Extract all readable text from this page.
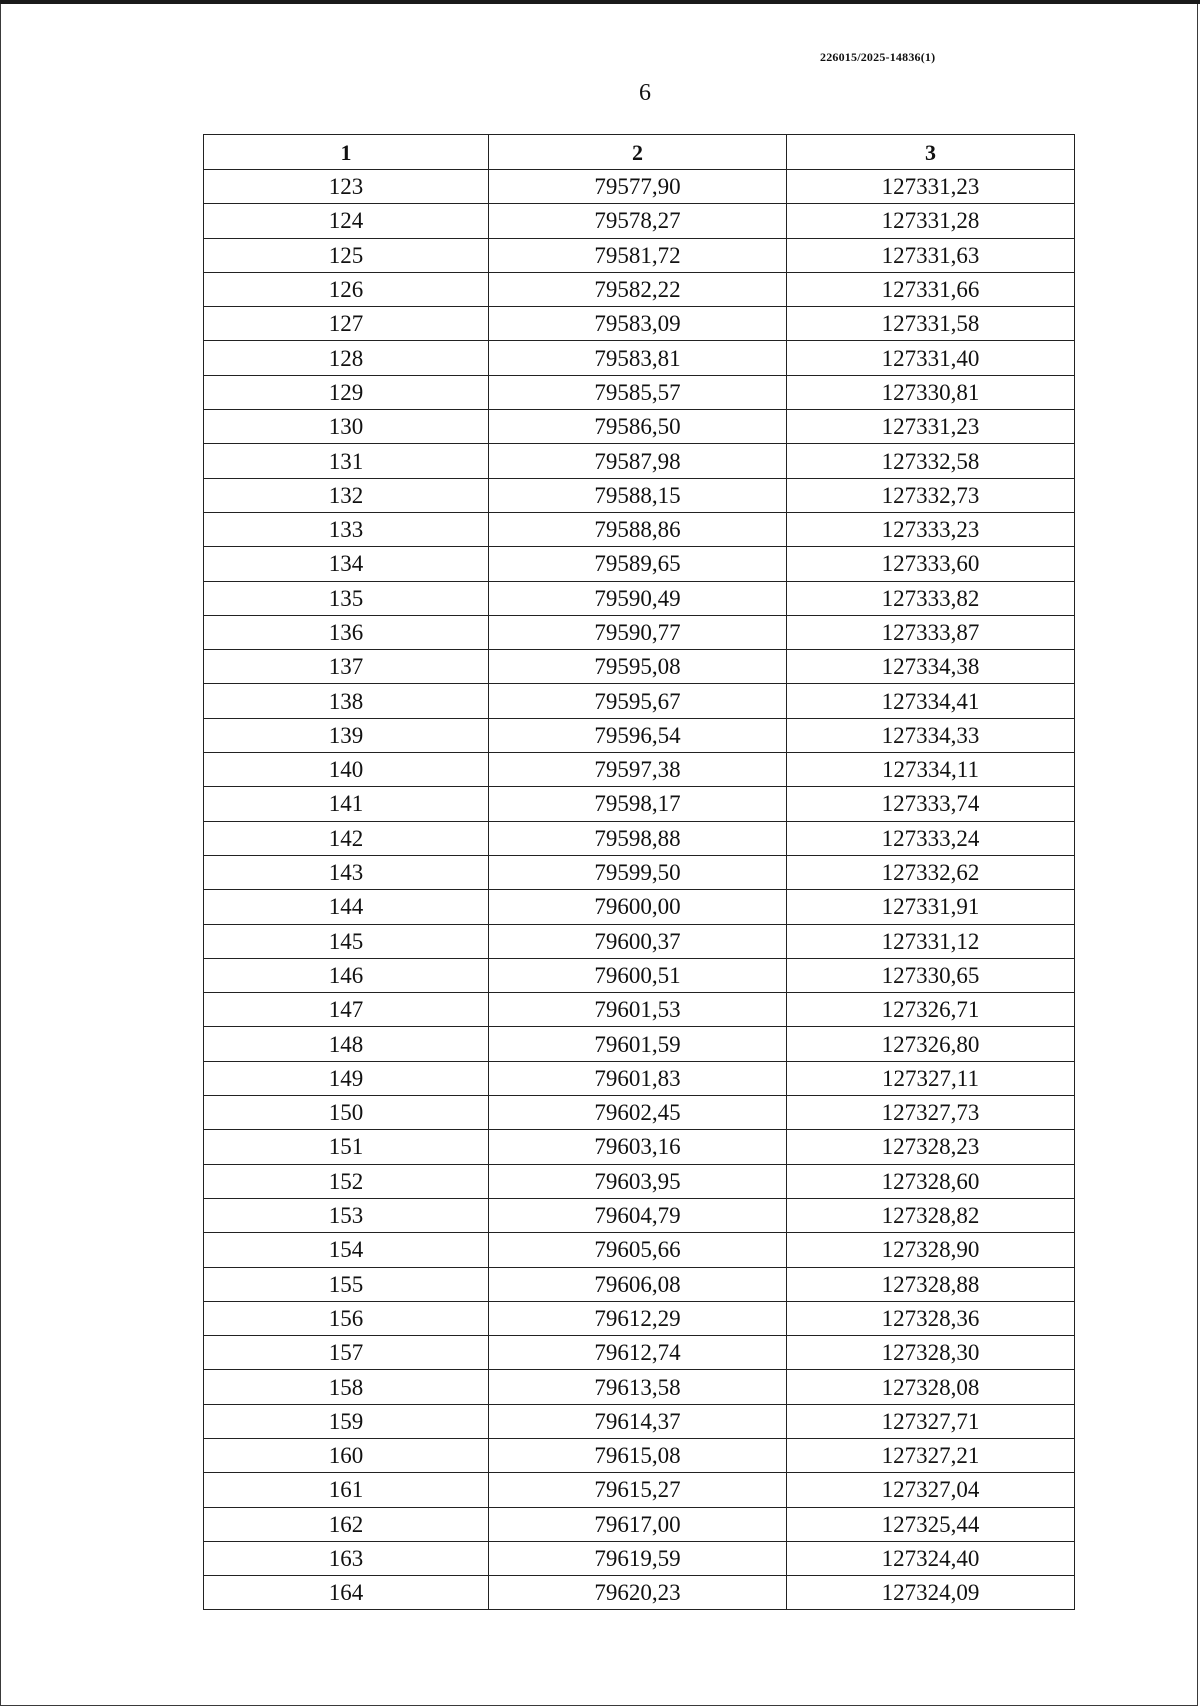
226015/2025-14836(1)
6
1	2	3
123	79577,90	127331,23
124	79578,27	127331,28
125	79581,72	127331,63
126	79582,22	127331,66
127	79583,09	127331,58
128	79583,81	127331,40
129	79585,57	127330,81
130	79586,50	127331,23
131	79587,98	127332,58
132	79588,15	127332,73
133	79588,86	127333,23
134	79589,65	127333,60
135	79590,49	127333,82
136	79590,77	127333,87
137	79595,08	127334,38
138	79595,67	127334,41
139	79596,54	127334,33
140	79597,38	127334,11
141	79598,17	127333,74
142	79598,88	127333,24
143	79599,50	127332,62
144	79600,00	127331,91
145	79600,37	127331,12
146	79600,51	127330,65
147	79601,53	127326,71
148	79601,59	127326,80
149	79601,83	127327,11
150	79602,45	127327,73
151	79603,16	127328,23
152	79603,95	127328,60
153	79604,79	127328,82
154	79605,66	127328,90
155	79606,08	127328,88
156	79612,29	127328,36
157	79612,74	127328,30
158	79613,58	127328,08
159	79614,37	127327,71
160	79615,08	127327,21
161	79615,27	127327,04
162	79617,00	127325,44
163	79619,59	127324,40
164	79620,23	127324,09
